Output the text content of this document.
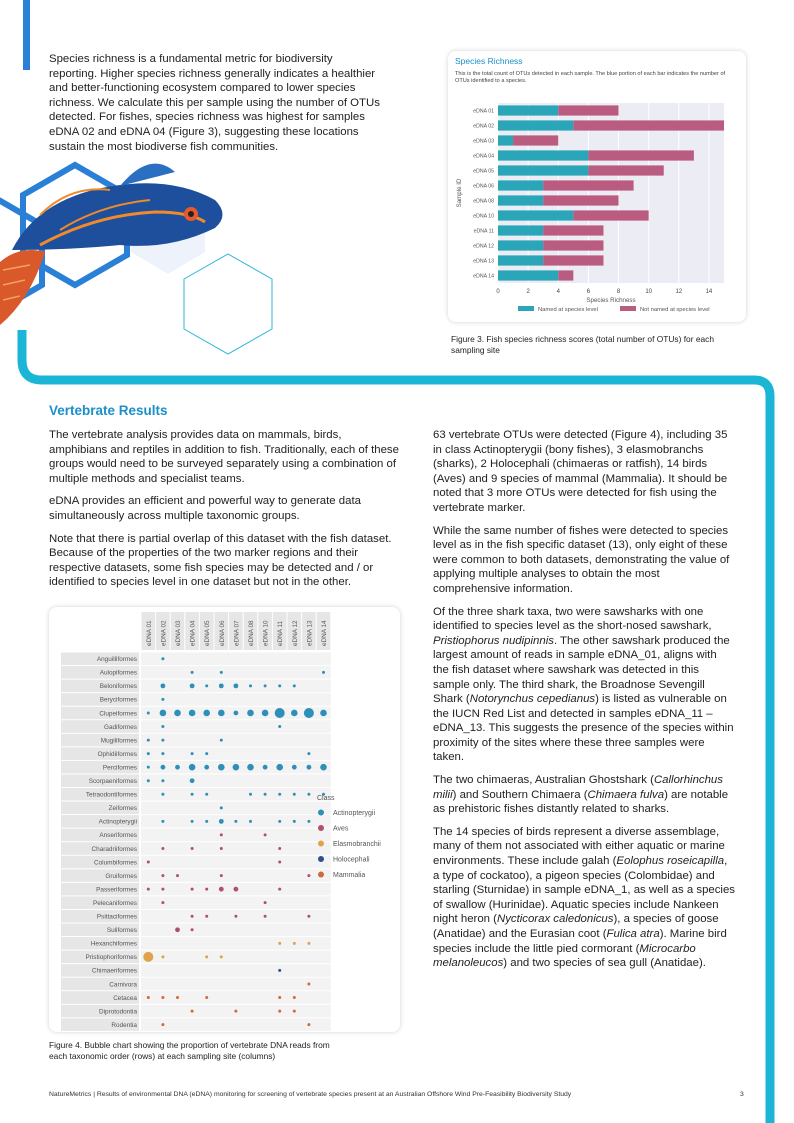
Species richness is a fundamental metric for biodiversity

reporting. Higher species richness generally indicates a healthier

and better-functioning ecosystem compared to lower species

richness. We calculate this per sample using the number of OTUs

detected. For fishes, species richness was highest for samples

eDNA 02 and eDNA 04 (Figure 3), suggesting these locations

sustain the most biodiverse fish communities.

Species Richness
This is the total count of OTUs detected in each sample. The blue portion of each bar indicates the number of OTUs identified to a species.
0	2	4	6	8	10	12	14
eDNA 01
eDNA 02
eDNA 03
eDNA 04
eDNA 05
eDNA 06
eDNA 08
eDNA 10
eDNA 11
eDNA 12
eDNA 13
eDNA 14
Species Richness
Sample ID
Named at species level	Not named at species level
Figure 3. Fish species richness scores (total number of OTUs) for each sampling site
Vertebrate Results

The vertebrate analysis provides data on mammals, birds, amphibians and reptiles in addition to fish. Traditionally, each of these groups would need to be surveyed separately using a combination of multiple methods and specialist teams.

eDNA provides an efficient and powerful way to generate data simultaneously across multiple taxonomic groups.

Note that there is partial overlap of this dataset with the fish dataset. Because of the properties of the two marker regions and their respective datasets, some fish species may be detected and / or identified to species level in one dataset but not in the other.

63 vertebrate OTUs were detected (Figure 4), including 35 in class Actinopterygii (bony fishes), 3 elasmobranchs (sharks), 2 Holocephali (chimaeras or ratfish), 14 birds (Aves) and 9 species of mammal (Mammalia). It should be noted that 3 more OTUs were detected for fish using the vertebrate marker.

While the same number of fishes were detected to species level as in the fish specific dataset (13), only eight of these were common to both datasets, demonstrating the value of applying multiple analyses to obtain the most comprehensive information.

Of the three shark taxa, two were sawsharks with one identified to species level as the short-nosed sawshark, Pristiophorus nudipinnis. The other sawshark produced the largest amount of reads in sample eDNA_01, aligns with the fish dataset where sawshark was detected in this sample only. The third shark, the Broadnose Sevengill Shark (Notorynchus cepedianus) is listed as vulnerable on the IUCN Red List and detected in samples eDNA_11 – eDNA_13. This suggests the presence of the species within proximity of the sites where these three samples were taken.

The two chimaeras, Australian Ghostshark (Callorhinchus milii) and Southern Chimaera (Chimaera fulva) are notable as prehistoric fishes distantly related to sharks.

The 14 species of birds represent a diverse assemblage, many of them not associated with either aquatic or marine environments. These include galah (Eolophus roseicapilla, a type of cockatoo), a pigeon species (Colombidae) and starling (Sturnidae) in sample eDNA_1, as well as a species of swallow (Hurinidae). Aquatic species include Nankeen night heron (Nycticorax caledonicus), a species of goose (Anatidae) and the Eurasian coot (Fulica atra). Marine bird species include the little pied cormorant (Microcarbo melanoleucos) and two species of sea gull (Anatidae).

eDNA 01 eDNA 02 eDNA 03 eDNA 04 eDNA 05 eDNA 06 eDNA 07 eDNA 08 eDNA 10 eDNA 11 eDNA 12 eDNA 13 eDNA 14
Anguilliformes
Aulopiformes
Beloniformes
Beryciformes
Clupeiformes
Gadiformes
Mugiliformes
Ophidiiformes
Perciformes
Scorpaeniformes
Tetraodontiformes
Zeiformes
Actinopterygii
Anseriformes
Charadriiformes
Columbiformes
Gruiformes
Passeriformes
Pelecaniformes
Psittaciformes
Suliformes
Hexanchiformes
Pristiophoriformes
Chimaeriformes
Carnivora
Cetacea
Diprotodontia
Rodentia
Class
Actinopterygii
Aves
Elasmobranchii
Holocephali
Mammalia
Figure 4. Bubble chart showing the proportion of vertebrate DNA reads from each taxonomic order (rows) at each sampling site (columns)
NatureMetrics | Results of environmental DNA (eDNA) monitoring for screening of vertebrate species present at an Australian Offshore Wind Pre-Feasibility Biodiversity Study	3
